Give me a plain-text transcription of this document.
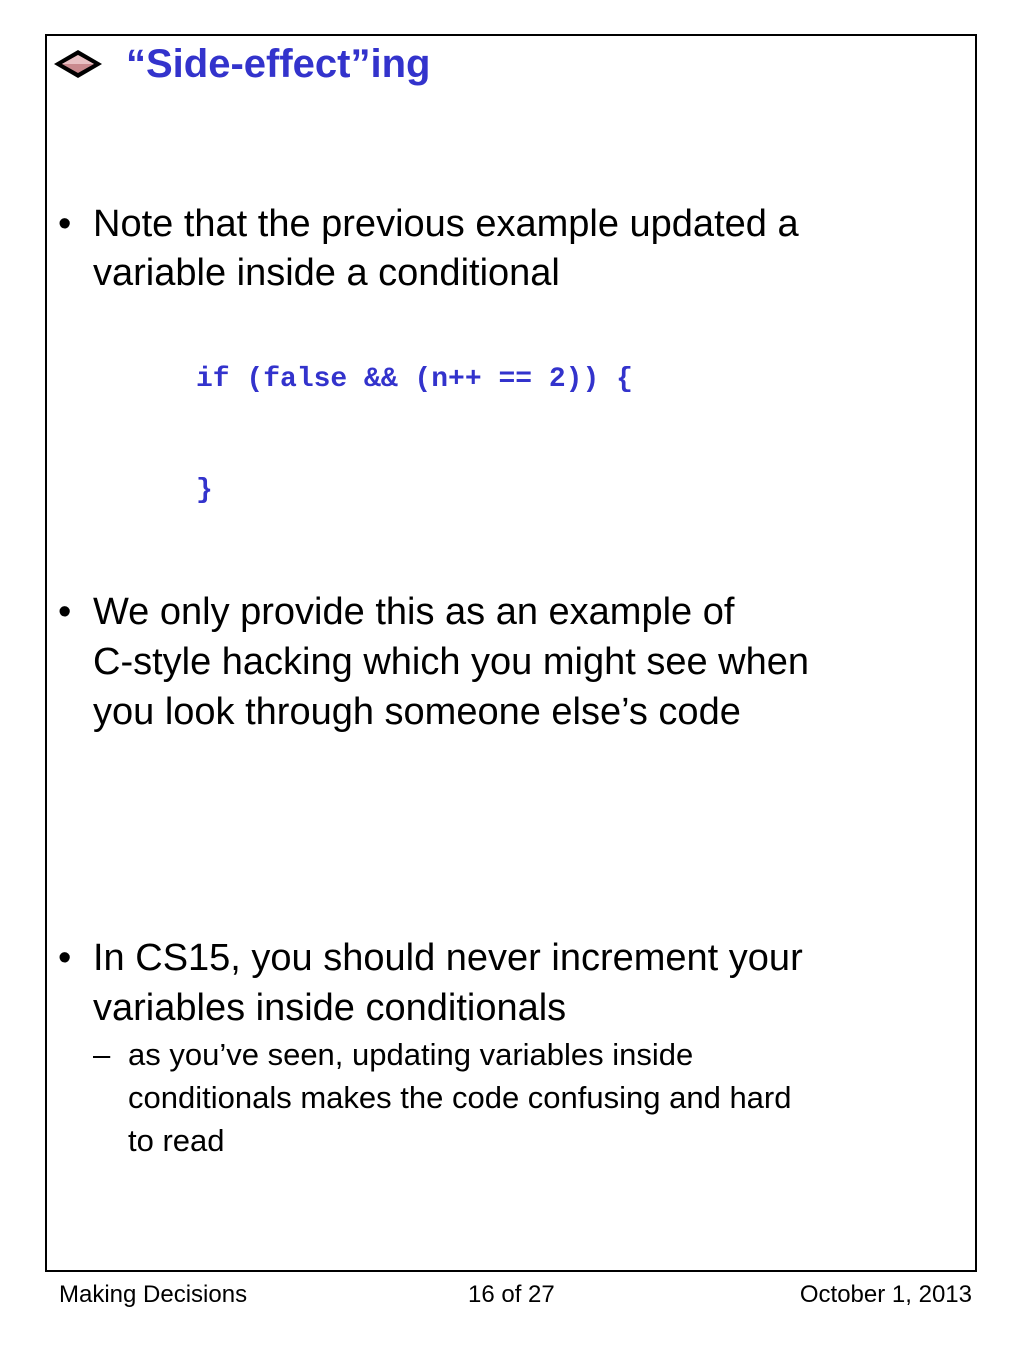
“Side-effect”ing
• Note that the previous example updated a
variable inside a conditional
if (false && (n++ == 2)) {
}
• We only provide this as an example of
C-style hacking which you might see when
you look through someone else’s code
• In CS15, you should never increment your
variables inside conditionals
– as you’ve seen, updating variables inside
conditionals makes the code confusing and hard
to read
Making Decisions	16 of 27	October 1, 2013
